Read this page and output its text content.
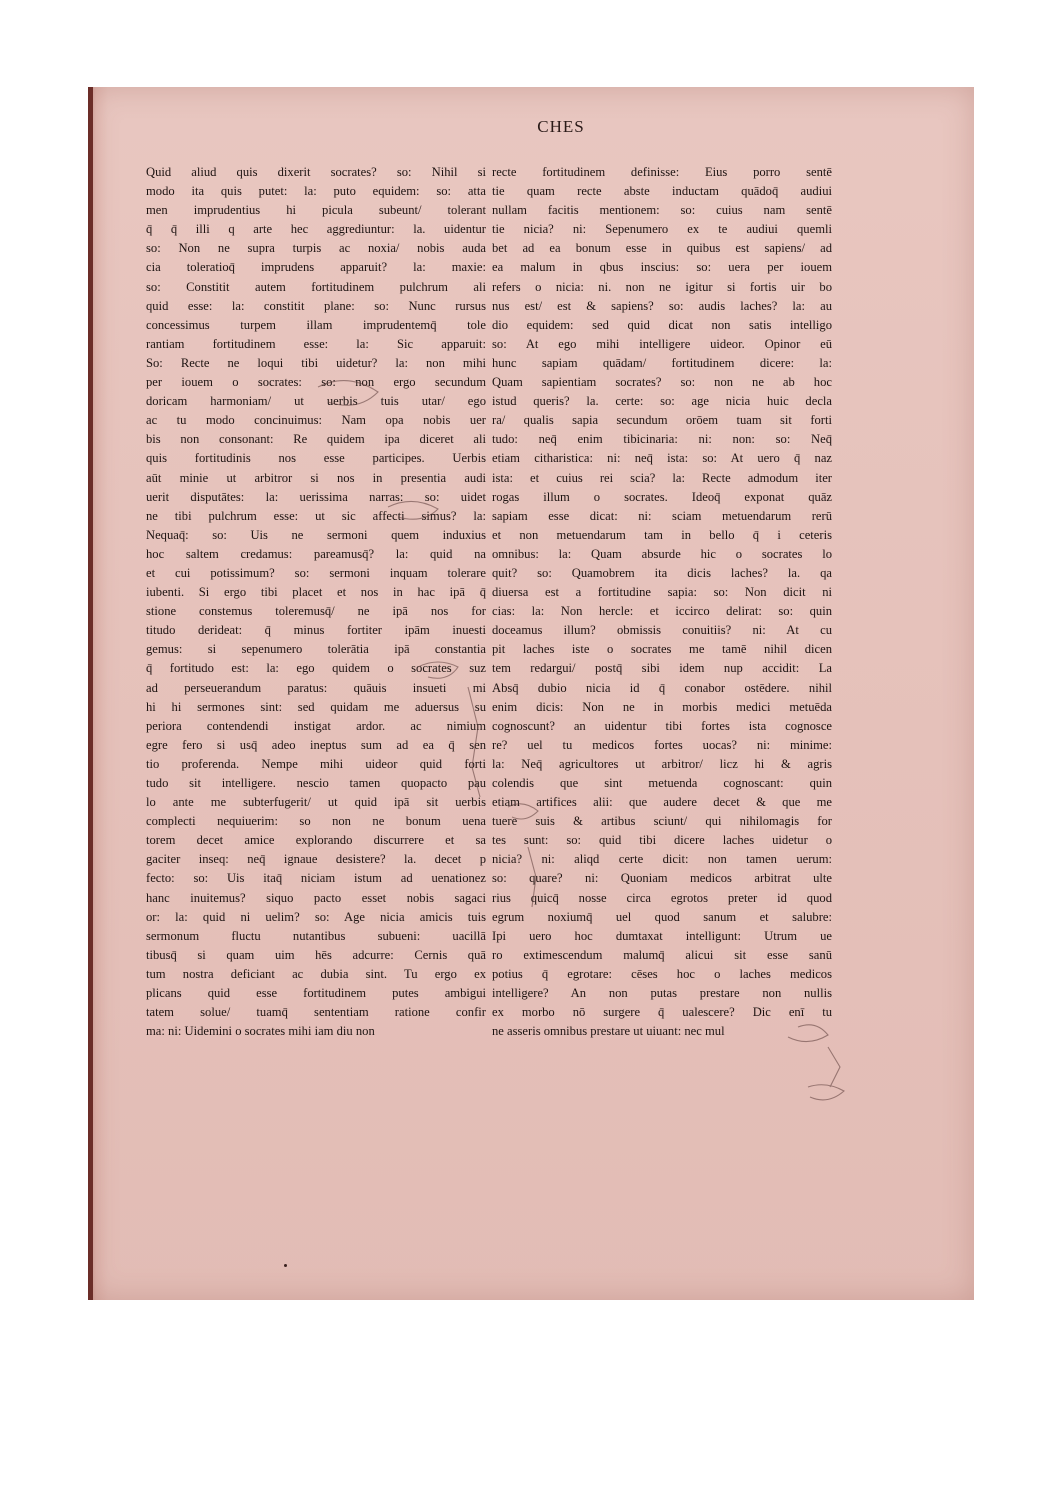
CHES
Quid aliud quis dixerit socrates? so: Nihil si
modo ita quis putet: la: puto equidem: so: atta
men imprudentius hi picula subeunt/ tolerant
q̄ q̄ illi q arte hec aggrediuntur: la. uidentur
so: Non ne supra turpis ac noxia/ nobis auda
cia toleratioq̄ imprudens apparuit? la: maxie:
so: Constitit autem fortitudinem pulchrum ali
quid esse: la: constitit plane: so: Nunc rursus
concessimus turpem illam imprudentemq̄ tole
rantiam fortitudinem esse: la: Sic apparuit:
So: Recte ne loqui tibi uidetur? la: non mihi
per iouem o socrates: so: non ergo secundum
doricam harmoniam/ ut uerbis tuis utar/ ego
ac tu modo concinuimus: Nam opa nobis uer
bis non consonant: Re quidem ipa diceret ali
quis fortitudinis nos esse participes. Uerbis
aūt minie ut arbitror si nos in presentia audi
uerit disputātes: la: uerissima narras: so: uidet
ne tibi pulchrum esse: ut sic affecti simus? la:
Nequaq̄: so: Uis ne sermoni quem induxius
hoc saltem credamus: pareamusq̄? la: quid na
et cui potissimum? so: sermoni inquam tolerare
iubenti. Si ergo tibi placet et nos in hac ipā q̄
stione constemus toleremusq̄/ ne ipā nos for
titudo derideat: q̄ minus fortiter ipām inuesti
gemus: si sepenumero tolerātia ipā constantia
q̄ fortitudo est: la: ego quidem o socrates suz
ad perseuerandum paratus: quāuis insueti mi
hi hi sermones sint: sed quidam me aduersus su
periora contendendi instigat ardor. ac nimium
egre fero si usq̄ adeo ineptus sum ad ea q̄ sen
tio proferenda. Nempe mihi uideor quid forti
tudo sit intelligere. nescio tamen quopacto pau
lo ante me subterfugerit/ ut quid ipā sit uerbis
complecti nequiuerim: so non ne bonum uena
torem decet amice explorando discurrere et sa
gaciter inseq: neq̄ ignaue desistere? la. decet p
fecto: so: Uis itaq̄ niciam istum ad uenationez
hanc inuitemus? siquo pacto esset nobis sagaci
or: la: quid ni uelim? so: Age nicia amicis tuis
sermonum fluctu nutantibus subueni: uacillā
tibusq̄ si quam uim hēs adcurre: Cernis quā
tum nostra deficiant ac dubia sint. Tu ergo ex
plicans quid esse fortitudinem putes ambigui
tatem solue/ tuamq̄ sententiam ratione confir
ma: ni: Uidemini o socrates mihi iam diu non
recte fortitudinem definisse: Eius porro sentē
tie quam recte abste inductam quādoq̄ audiui
nullam facitis mentionem: so: cuius nam sentē
tie nicia? ni: Sepenumero ex te audiui quemli
bet ad ea bonum esse in quibus est sapiens/ ad
ea malum in qbus inscius: so: uera per iouem
refers o nicia: ni. non ne igitur si fortis uir bo
nus est/ est & sapiens? so: audis laches? la: au
dio equidem: sed quid dicat non satis intelligo
so: At ego mihi intelligere uideor. Opinor eū
hunc sapiam quādam/ fortitudinem dicere: la:
Quam sapientiam socrates? so: non ne ab hoc
istud queris? la. certe: so: age nicia huic decla
ra/ qualis sapia secundum orōem tuam sit forti
tudo: neq̄ enim tibicinaria: ni: non: so: Neq̄
etiam citharistica: ni: neq̄ ista: so: At uero q̄ naz
ista: et cuius rei scia? la: Recte admodum iter
rogas illum o socrates. Ideoq̄ exponat quāz
sapiam esse dicat: ni: sciam metuendarum rerū
et non metuendarum tam in bello q̄ i ceteris
omnibus: la: Quam absurde hic o socrates lo
quit? so: Quamobrem ita dicis laches? la. qa
diuersa est a fortitudine sapia: so: Non dicit ni
cias: la: Non hercle: et iccirco delirat: so: quin
doceamus illum? obmissis conuitiis? ni: At cu
pit laches iste o socrates me tamē nihil dicen
tem redargui/ postq̄ sibi idem nup accidit: La
Absq̄ dubio nicia id q̄ conabor ostēdere. nihil
enim dicis: Non ne in morbis medici metuēda
cognoscunt? an uidentur tibi fortes ista cognosce
re? uel tu medicos fortes uocas? ni: minime:
la: Neq̄ agricultores ut arbitror/ licz hi & agris
colendis que sint metuenda cognoscant: quin
etiam artifices alii: que audere decet & que me
tuere suis & artibus sciunt/ qui nihilomagis for
tes sunt: so: quid tibi dicere laches uidetur o
nicia? ni: aliqd certe dicit: non tamen uerum:
so: quare? ni: Quoniam medicos arbitrat ulte
rius quicq̄ nosse circa egrotos preter id quod
egrum noxiumq̄ uel quod sanum et salubre:
Ipi uero hoc dumtaxat intelligunt: Utrum ue
ro extimescendum malumq̄ alicui sit esse sanū
potius q̄ egrotare: cēses hoc o laches medicos
intelligere? An non putas prestare non nullis
ex morbo nō surgere q̄ ualescere? Dic enī tu
ne asseris omnibus prestare ut uiuant: nec mul
